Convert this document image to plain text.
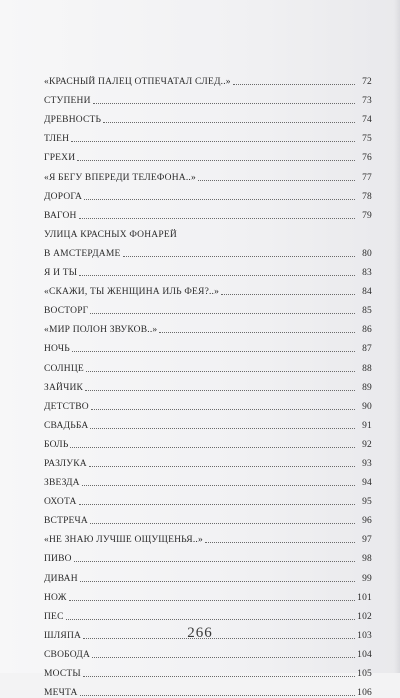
«КРАСНЫЙ ПАЛЕЦ ОТПЕЧАТАЛ СЛЕД..»	72
СТУПЕНИ	73
ДРЕВНОСТЬ	74
ТЛЕН	75
ГРЕХИ	76
«Я БЕГУ ВПЕРЕДИ ТЕЛЕФОНА..»	77
ДОРОГА	78
ВАГОН	79
УЛИЦА КРАСНЫХ ФОНАРЕЙ
В АМСТЕРДАМЕ	80
Я И ТЫ	83
«СКАЖИ, ТЫ ЖЕНЩИНА ИЛЬ ФЕЯ?..»	84
ВОСТОРГ	85
«МИР ПОЛОН ЗВУКОВ..»	86
НОЧЬ	87
СОЛНЦЕ	88
ЗАЙЧИК	89
ДЕТСТВО	90
СВАДЬБА	91
БОЛЬ	92
РАЗЛУКА	93
ЗВЕЗДА	94
ОХОТА	95
ВСТРЕЧА	96
«НЕ ЗНАЮ ЛУЧШЕ ОЩУЩЕНЬЯ..»	97
ПИВО	98
ДИВАН	99
НОЖ	101
ПЕС	102
ШЛЯПА	103
СВОБОДА	104
МОСТЫ	105
МЕЧТА	106
266
